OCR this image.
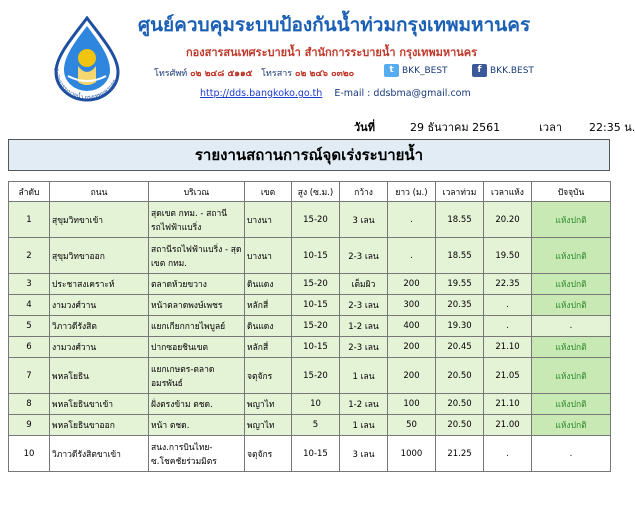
สำนักการระบายน้ำ กรุงเทพมหานคร
ศูนย์ควบคุมระบบป้องกันน้ำท่วมกรุงเทพมหานคร
กองสารสนเทศระบายน้ำ สำนักการระบายน้ำ กรุงเทพมหานคร
โทรศัพท์ ๐๒ ๒๔๘ ๕๑๑๕ โทรสาร ๐๒ ๒๔๖ ๐๓๒๐	t BKK_BEST	f BKK.BEST
http://dds.bangkoko.go.th E-mail : ddsbma@gmail.com
วันที่	29 ธันวาคม 2561	เวลา 22:35 น.
รายงานสถานการณ์จุดเร่งระบายน้ำ
ลำดับ	ถนน	บริเวณ	เขต	สูง (ซ.ม.)	กว้าง	ยาว (ม.)	เวลาท่วม	เวลาแห้ง	ปัจจุบัน
1	สุขุมวิทขาเข้า	สุดเขต กทม. - สถานีรถไฟฟ้าแบริ่ง	บางนา	15-20	3 เลน	.	18.55	20.20	แห้งปกติ
2	สุขุมวิทขาออก	สถานีรถไฟฟ้าแบริ่ง - สุดเขต กทม.	บางนา	10-15	2-3 เลน	.	18.55	19.50	แห้งปกติ
3	ประชาสงเคราะห์	ตลาดห้วยขวาง	ดินแดง	15-20	เต็มผิว	200	19.55	22.35	แห้งปกติ
4	งามวงศ์วาน	หน้าตลาดพงษ์เพชร	หลักสี่	10-15	2-3 เลน	300	20.35	.	แห้งปกติ
5	วิภาวดีรังสิต	แยกเกียกกายไพบูลย์	ดินแดง	15-20	1-2 เลน	400	19.30	.	.
6	งามวงศ์วาน	ปากซอยชินเขต	หลักสี่	10-15	2-3 เลน	200	20.45	21.10	แห้งปกติ
7	พหลโยธิน	แยกเกษตร-ตลาดอมรพันธ์	จตุจักร	15-20	1 เลน	200	20.50	21.05	แห้งปกติ
8	พหลโยธินขาเข้า	ฝั่งตรงข้าม ตชด.	พญาไท	10	1-2 เลน	100	20.50	21.10	แห้งปกติ
9	พหลโยธินขาออก	หน้า ตชด.	พญาไท	5	1 เลน	50	20.50	21.00	แห้งปกติ
10	วิภาวดีรังสิตขาเข้า	สนง.การบินไทย-ซ.โชคชัยร่วมมิตร	จตุจักร	10-15	3 เลน	1000	21.25	.	.
